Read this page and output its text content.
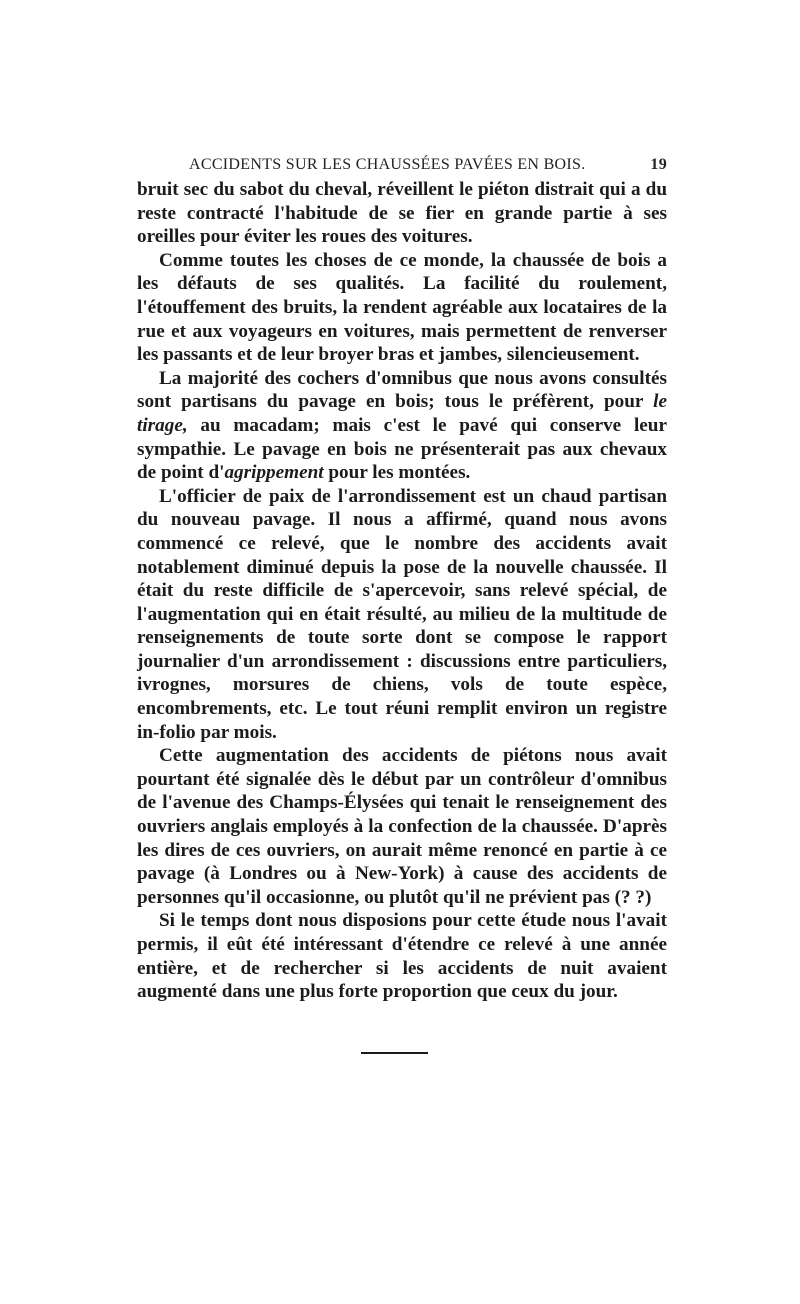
ACCIDENTS SUR LES CHAUSSÉES PAVÉES EN BOIS.	19

bruit sec du sabot du cheval, réveillent le piéton distrait qui a du reste contracté l'habitude de se fier en grande partie à ses oreilles pour éviter les roues des voitures.

Comme toutes les choses de ce monde, la chaussée de bois a les défauts de ses qualités. La facilité du roulement, l'étouffement des bruits, la rendent agréable aux locataires de la rue et aux voyageurs en voitures, mais permettent de renverser les passants et de leur broyer bras et jambes, silencieusement.

La majorité des cochers d'omnibus que nous avons consultés sont partisans du pavage en bois; tous le préfèrent, pour le tirage, au macadam; mais c'est le pavé qui conserve leur sympathie. Le pavage en bois ne présenterait pas aux chevaux de point d'agrippement pour les montées.

L'officier de paix de l'arrondissement est un chaud partisan du nouveau pavage. Il nous a affirmé, quand nous avons commencé ce relevé, que le nombre des accidents avait notablement diminué depuis la pose de la nouvelle chaussée. Il était du reste difficile de s'apercevoir, sans relevé spécial, de l'augmentation qui en était résulté, au milieu de la multitude de renseignements de toute sorte dont se compose le rapport journalier d'un arrondissement : discussions entre particuliers, ivrognes, morsures de chiens, vols de toute espèce, encombrements, etc. Le tout réuni remplit environ un registre in-folio par mois.

Cette augmentation des accidents de piétons nous avait pourtant été signalée dès le début par un contrôleur d'omnibus de l'avenue des Champs-Élysées qui tenait le renseignement des ouvriers anglais employés à la confection de la chaussée. D'après les dires de ces ouvriers, on aurait même renoncé en partie à ce pavage (à Londres ou à New-York) à cause des accidents de personnes qu'il occasionne, ou plutôt qu'il ne prévient pas (? ?)

Si le temps dont nous disposions pour cette étude nous l'avait permis, il eût été intéressant d'étendre ce relevé à une année entière, et de rechercher si les accidents de nuit avaient augmenté dans une plus forte proportion que ceux du jour.
